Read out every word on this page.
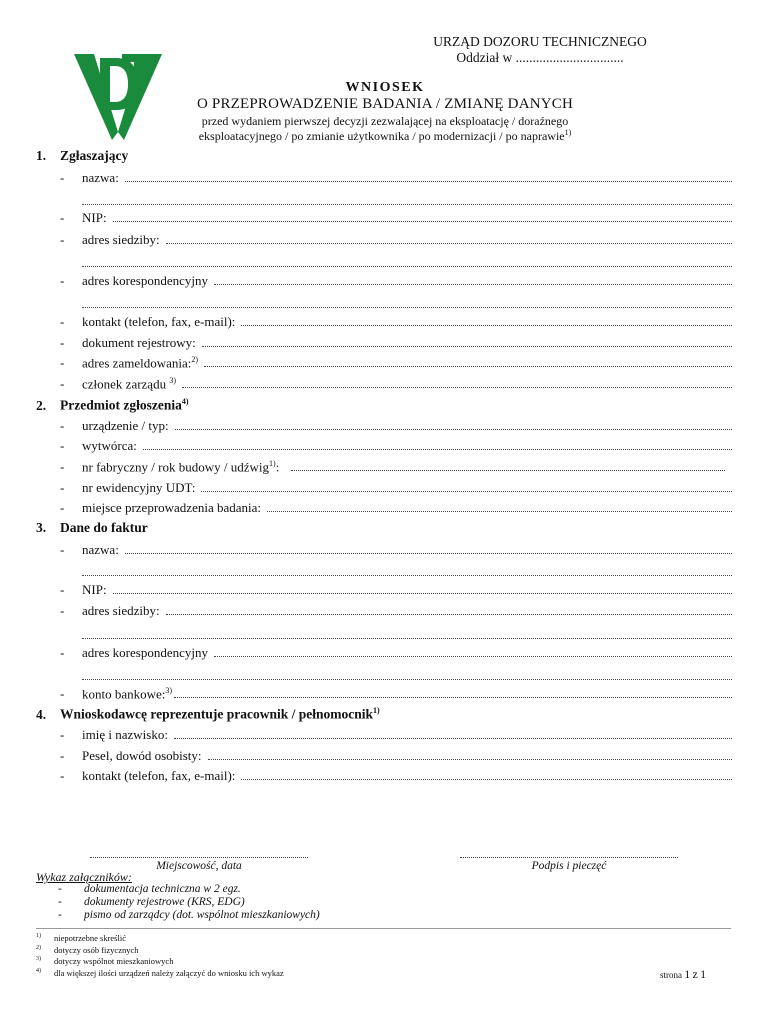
URZĄD DOZORU TECHNICZNEGO
Oddział w ................................
WNIOSEK
O PRZEPROWADZENIE BADANIA / ZMIANĘ DANYCH
przed wydaniem pierwszej decyzji zezwalającej na eksploatację / doraźnego
eksploatacyjnego / po zmianie użytkownika / po modernizacji / po naprawie$^{1)}$
1. Zgłaszający
-	nazwa:
-	NIP:
-	adres siedziby:
-	adres korespondencyjny
-	kontakt (telefon, fax, e-mail):
-	dokument rejestrowy:
-	adres zameldowania:$^{2)}$
-	członek zarządu $^{3)}$
2. Przedmiot zgłoszenia$^{4)}$
-	urządzenie / typ:
-	wytwórca:
-	nr fabryczny / rok budowy / udźwig$^{1)}$:
-	nr ewidencyjny UDT:
-	miejsce przeprowadzenia badania:
3. Dane do faktur
-	nazwa:
-	NIP:
-	adres siedziby:
-	adres korespondencyjny
-	konto bankowe:$^{3)}$
4. Wnioskodawcę reprezentuje pracownik / pełnomocnik$^{1)}$
-	imię i nazwisko:
-	Pesel, dowód osobisty:
-	kontakt (telefon, fax, e-mail):
Miejscowość, data	Podpis i pieczęć
Wykaz załączników:
- dokumentacja techniczna w 2 egz.
- dokumenty rejestrowe (KRS, EDG)
- pismo od zarządcy (dot. wspólnot mieszkaniowych)
1) niepotrzebne skreślić
2) dotyczy osób fizycznych
3) dotyczy wspólnot mieszkaniowych
4) dla większej ilości urządzeń należy załączyć do wniosku ich wykaz	strona 1 z 1
